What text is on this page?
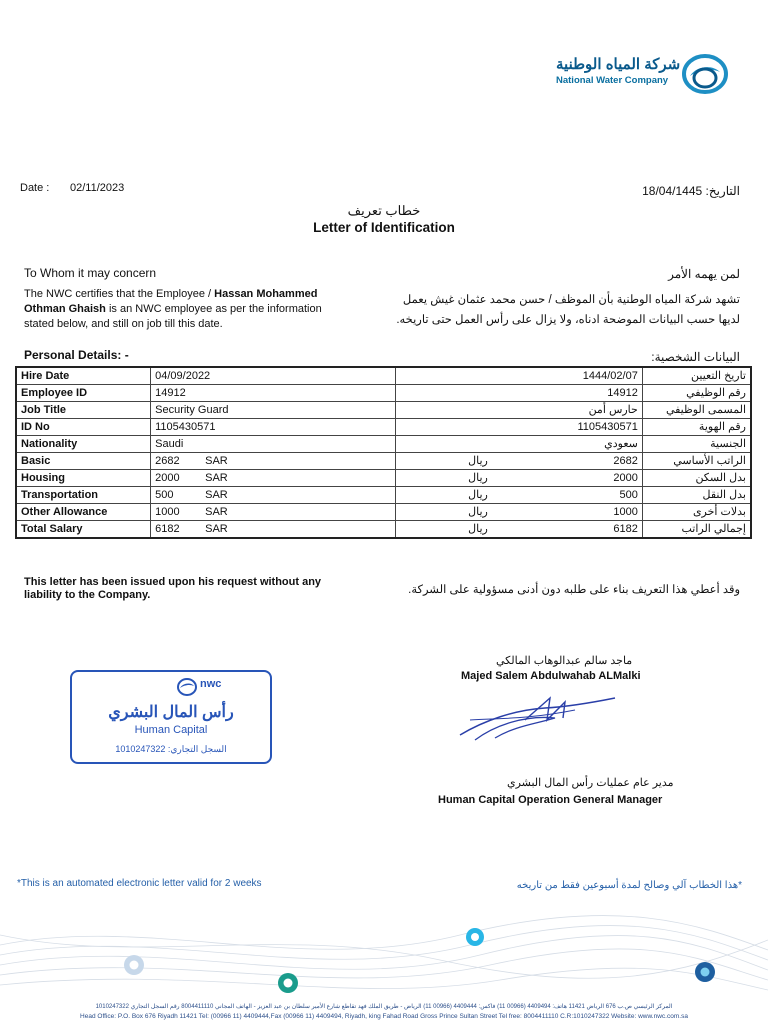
شركة المياه الوطنية
National Water Company
Date : 02/11/2023	التاريخ: 18/04/1445
خطاب تعريف
Letter of Identification
To Whom it may concern	لمن يهمه الأمر
The NWC certifies that the Employee / Hassan Mohammed Othman Ghaish is an NWC employee as per the information stated below, and still on job till this date.
تشهد شركة المياه الوطنية بأن الموظف / حسن محمد عثمان غيش يعمل لديها حسب البيانات الموضحة ادناه، ولا يزال على رأس العمل حتى تاريخه.
Personal Details: -	البيانات الشخصية:
Hire Date	04/09/2022	1444/02/07	تاريخ التعيين
Employee ID	14912	14912	رقم الوظيفي
Job Title	Security Guard	حارس أمن	المسمى الوظيفي
ID No	1105430571	1105430571	رقم الهوية
Nationality	Saudi	سعودي	الجنسية
Basic	2682 SAR	2682ريال	الراتب الأساسي
Housing	2000 SAR	2000ريال	بدل السكن
Transportation	500 SAR	500ريال	بدل النقل
Other Allowance	1000 SAR	1000ريال	بدلات أخرى
Total Salary	6182 SAR	6182ريال	إجمالي الراتب
This letter has been issued upon his request without any liability to the Company.	وقد أعطي هذا التعريف بناء على طلبه دون أدنى مسؤولية على الشركة.
nwc
رأس المال البشري
Human Capital
السجل التجاري: 1010247322
ماجد سالم عبدالوهاب المالكي
Majed Salem Abdulwahab ALMalki
مدير عام عمليات رأس المال البشري
Human Capital Operation General Manager
*This is an automated electronic letter valid for 2 weeks	*هذا الخطاب آلي وصالح لمدة أسبوعين فقط من تاريخه
المركز الرئيسي ص.ب 676 الرياض 11421 هاتف: 4409494 (00966 11) فاكس: 4409444 (00966 11) الرياض - طريق الملك فهد تقاطع شارع الأمير سلطان بن عبد العزيز - الهاتف المجاني 8004411110 رقم السجل التجاري 1010247322
Head Office: P.O. Box 676 Riyadh 11421 Tel: (00966 11) 4409444,Fax (00966 11) 4409494, Riyadh, king Fahad Road Gross Prince Sultan Street Tel free: 8004411110 C.R:1010247322 Website: www.nwc.com.sa
